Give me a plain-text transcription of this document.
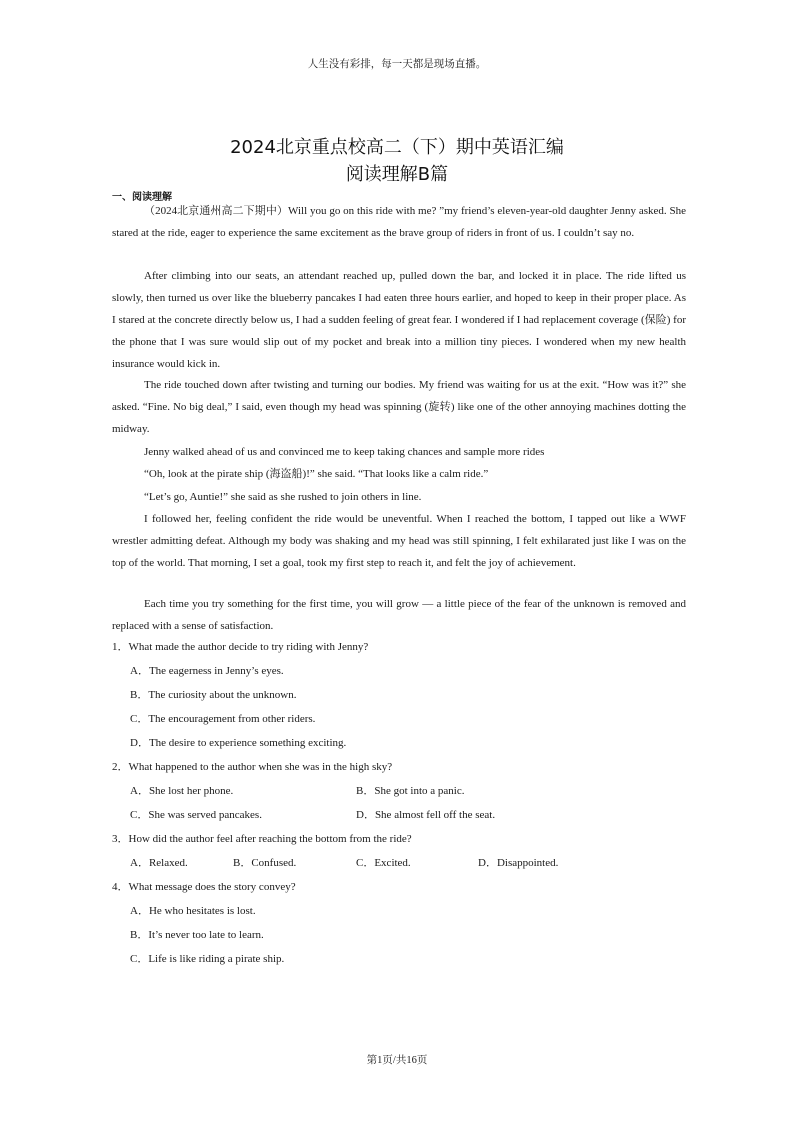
人生没有彩排，每一天都是现场直播。
2024北京重点校高二（下）期中英语汇编
阅读理解B篇
一、阅读理解

（2024北京通州高二下期中）Will you go on this ride with me? ”my friend’s eleven-year-old daughter Jenny asked. She stared at the ride, eager to experience the same excitement as the brave group of riders in front of us. I couldn’t say no.

After climbing into our seats, an attendant reached up, pulled down the bar, and locked it in place. The ride lifted us slowly, then turned us over like the blueberry pancakes I had eaten three hours earlier, and hoped to keep in their proper place. As I stared at the concrete directly below us, I had a sudden feeling of great fear. I wondered if I had replacement coverage (保险) for the phone that I was sure would slip out of my pocket and break into a million tiny pieces. I wondered when my new health insurance would kick in.

The ride touched down after twisting and turning our bodies. My friend was waiting for us at the exit. “How was it?” she asked. “Fine. No big deal,” I said, even though my head was spinning (旋转) like one of the other annoying machines dotting the midway.

Jenny walked ahead of us and convinced me to keep taking chances and sample more rides

“Oh, look at the pirate ship (海盗船)!” she said. “That looks like a calm ride.”

“Let’s go, Auntie!” she said as she rushed to join others in line.

I followed her, feeling confident the ride would be uneventful. When I reached the bottom, I tapped out like a WWF wrestler admitting defeat. Although my body was shaking and my head was still spinning, I felt exhilarated just like I was on the top of the world. That morning, I set a goal, took my first step to reach it, and felt the joy of achievement.

Each time you try something for the first time, you will grow — a little piece of the fear of the unknown is removed and replaced with a sense of satisfaction.

1．What made the author decide to try riding with Jenny?
A．The eagerness in Jenny’s eyes.
B．The curiosity about the unknown.
C．The encouragement from other riders.
D．The desire to experience something exciting.
2．What happened to the author when she was in the high sky?
A．She lost her phone.	B．She got into a panic.
C．She was served pancakes.	D．She almost fell off the seat.
3．How did the author feel after reaching the bottom from the ride?
A．Relaxed.	B．Confused.	C．Excited.	D．Disappointed.
4．What message does the story convey?
A．He who hesitates is lost.
B．It’s never too late to learn.
C．Life is like riding a pirate ship.
第1页/共16页
